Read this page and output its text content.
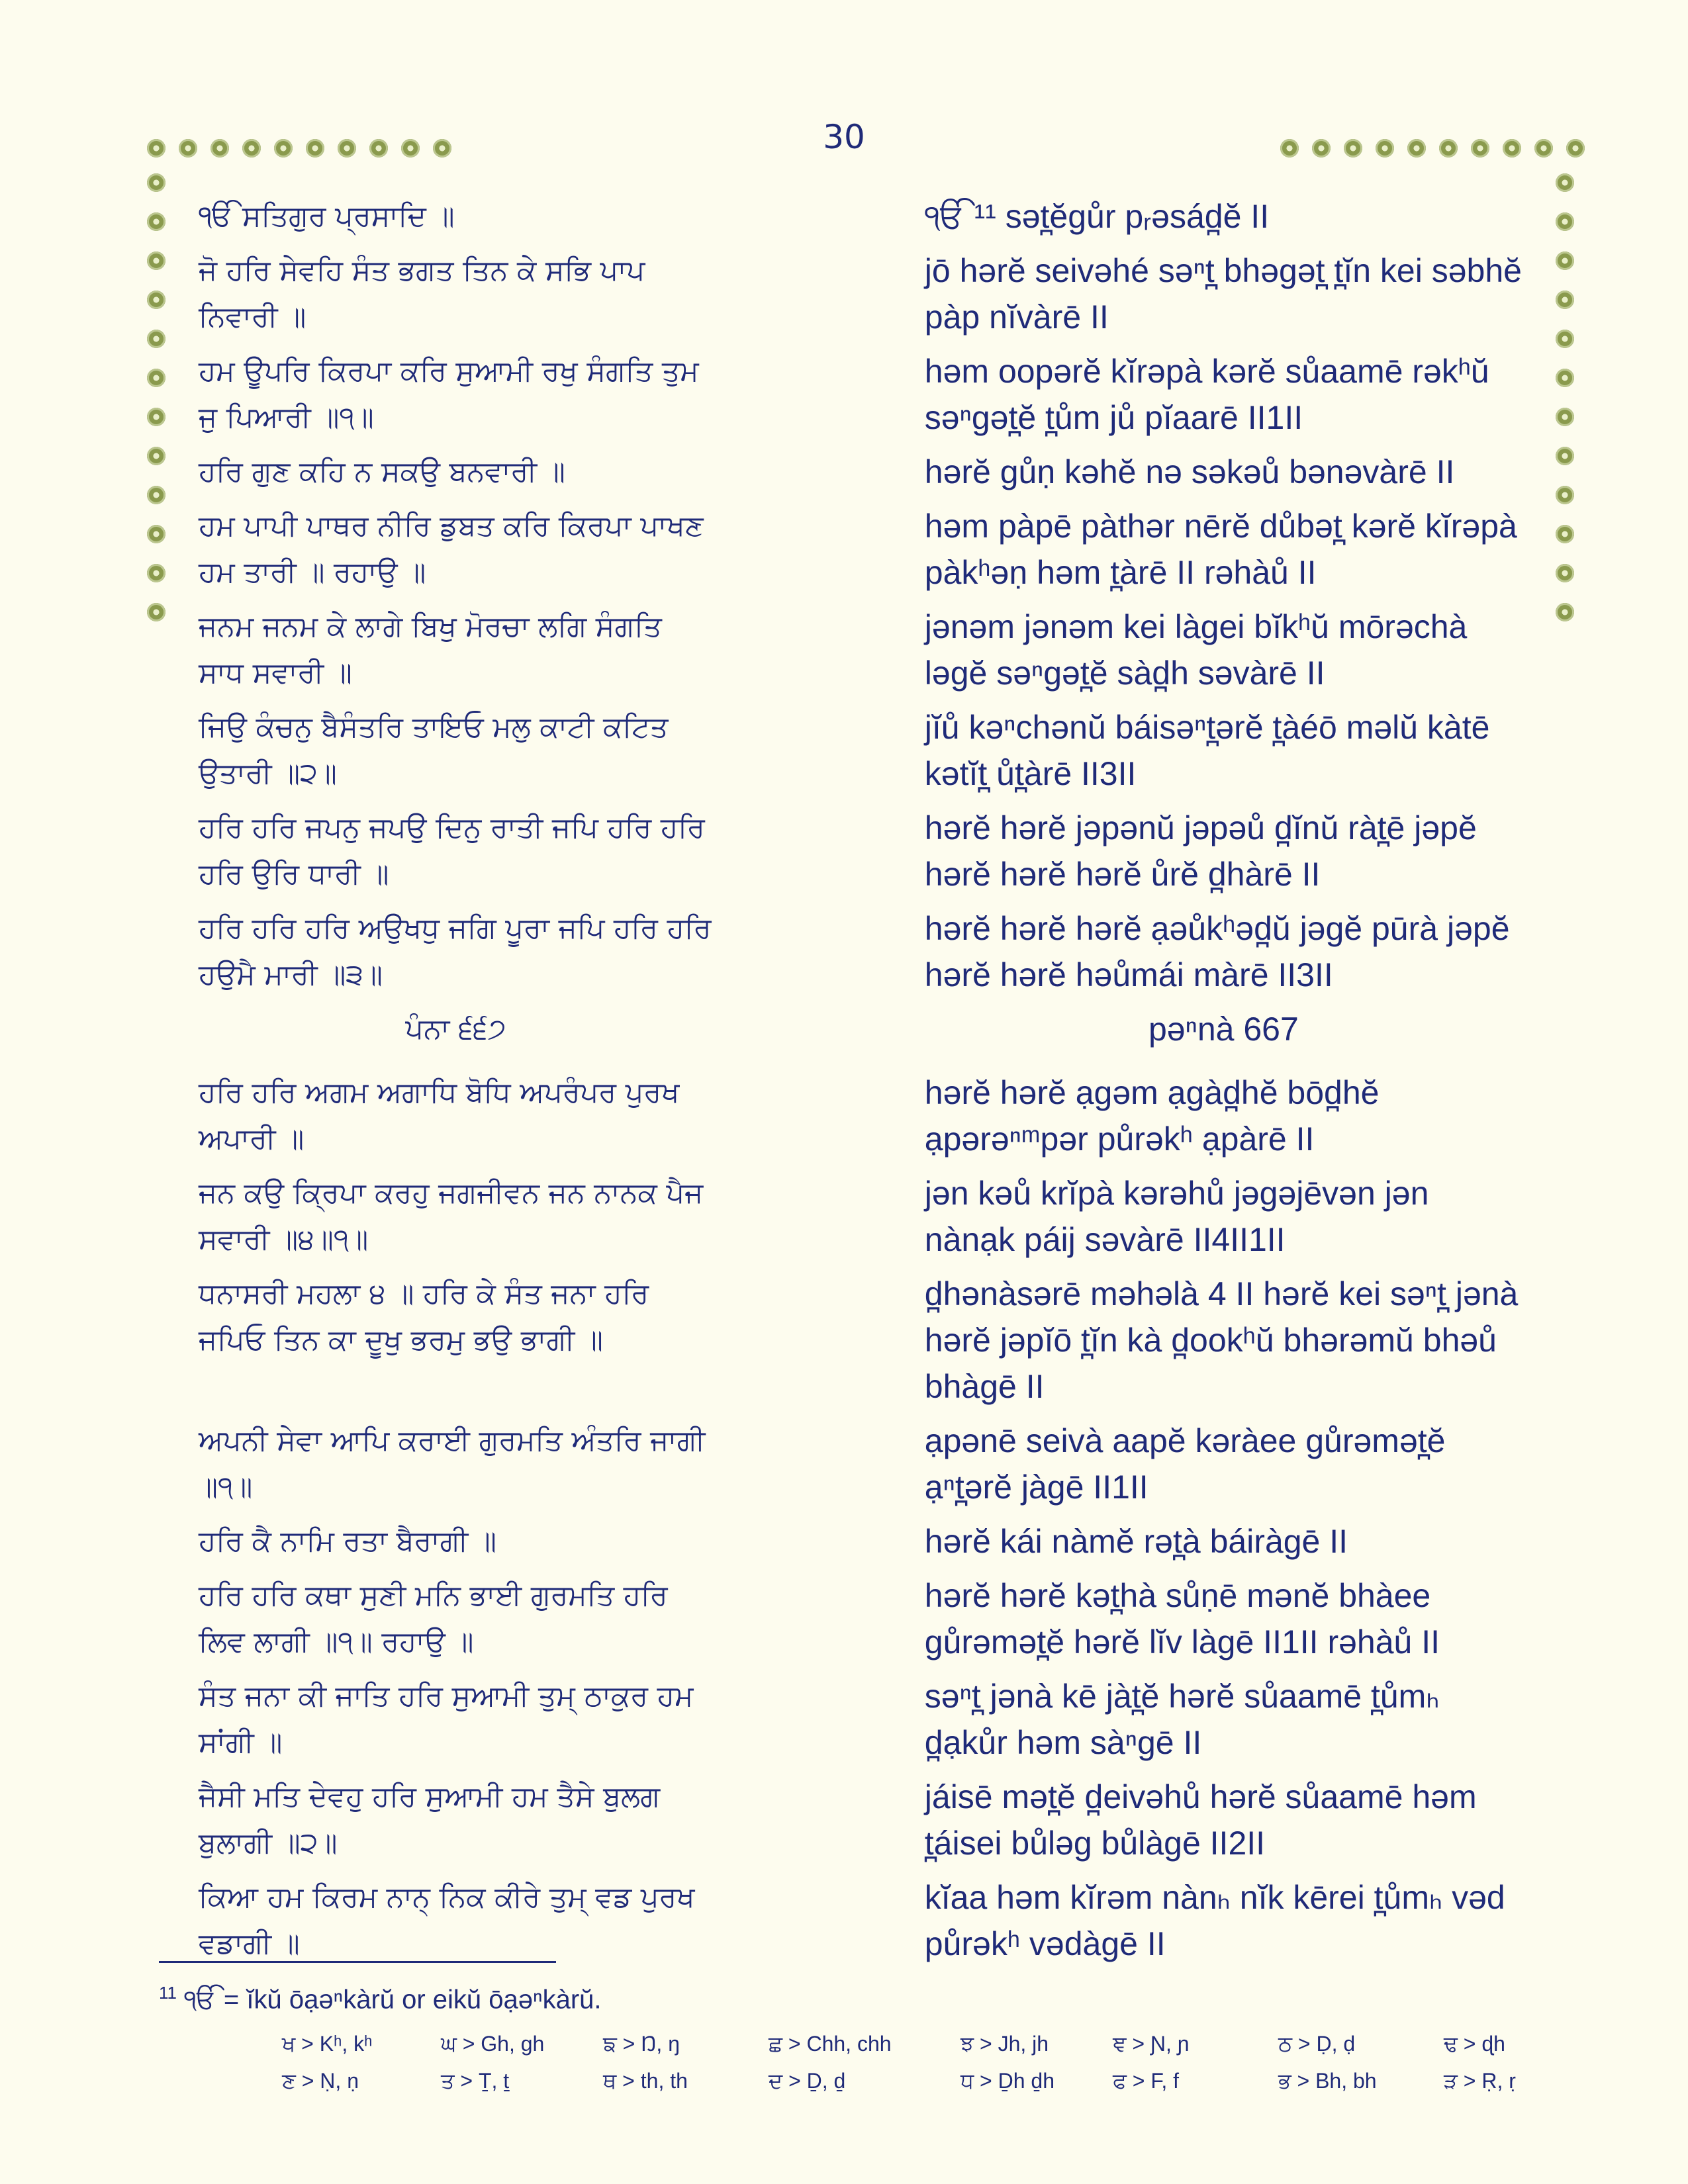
30
ੴ ਸਤਿਗੁਰ ਪ੍ਰਸਾਦਿ ॥	ੴ ¹¹ sət̪ĕgůr pᵣəsád̪ĕ II
ਜੋ ਹਰਿ ਸੇਵਹਿ ਸੰਤ ਭਗਤ ਤਿਨ ਕੇ ਸਭਿ ਪਾਪ ਨਿਵਾਰੀ ॥
jō hərĕ seivəhé səⁿt̪ bhəgət̪ t̪ĭn kei səbhĕ pàp nĭvàrē II
ਹਮ ਊਪਰਿ ਕਿਰਪਾ ਕਰਿ ਸੁਆਮੀ ਰਖੁ ਸੰਗਤਿ ਤੁਮ ਜੁ ਪਿਆਰੀ ॥੧॥
həm oopərĕ kĭrəpà kərĕ sůaamē rəkʰŭ səⁿgət̪ĕ t̪ům jů pĭaarē II1II
ਹਰਿ ਗੁਣ ਕਹਿ ਨ ਸਕਉ ਬਨਵਾਰੀ ॥	hərĕ gůṇ kəhĕ nə səkəů bənəvàrē II
ਹਮ ਪਾਪੀ ਪਾਥਰ ਨੀਰਿ ਡੁਬਤ ਕਰਿ ਕਿਰਪਾ ਪਾਖਣ ਹਮ ਤਾਰੀ ॥ ਰਹਾਉ ॥
həm pàpē pàthər nērĕ důbət̪ kərĕ kĭrəpà pàkʰəṇ həm t̪àrē II rəhàů II
ਜਨਮ ਜਨਮ ਕੇ ਲਾਗੇ ਬਿਖੁ ਮੋਰਚਾ ਲਗਿ ਸੰਗਤਿ ਸਾਧ ਸਵਾਰੀ ॥
jənəm jənəm kei làgei bĭkʰŭ mōrəchà ləgĕ səⁿgət̪ĕ sàd̪h səvàrē II
ਜਿਉ ਕੰਚਨੁ ਬੈਸੰਤਰਿ ਤਾਇਓ ਮਲੁ ਕਾਟੀ ਕਟਿਤ ਉਤਾਰੀ ॥੨॥
jĭů kəⁿchənŭ báisəⁿt̪ərĕ t̪àéō məlŭ kàtē kətĭt̪ ůt̪àrē II3II
ਹਰਿ ਹਰਿ ਜਪਨੁ ਜਪਉ ਦਿਨੁ ਰਾਤੀ ਜਪਿ ਹਰਿ ਹਰਿ ਹਰਿ ਉਰਿ ਧਾਰੀ ॥
hərĕ hərĕ jəpənŭ jəpəů d̪ĭnŭ ràt̪ē jəpĕ hərĕ hərĕ hərĕ ůrĕ d̪hàrē II
ਹਰਿ ਹਰਿ ਹਰਿ ਅਉਖਧੁ ਜਗਿ ਪੂਰਾ ਜਪਿ ਹਰਿ ਹਰਿ ਹਉਮੈ ਮਾਰੀ ॥੩॥
hərĕ hərĕ hərĕ ạəůkʰəd̪ŭ jəgĕ pūrà jəpĕ hərĕ hərĕ həůmái màrē II3II
ਪੰਨਾ ੬੬੭	pəⁿnà 667
ਹਰਿ ਹਰਿ ਅਗਮ ਅਗਾਧਿ ਬੋਧਿ ਅਪਰੰਪਰ ਪੁਰਖ ਅਪਾਰੀ ॥
hərĕ hərĕ ạgəm ạgàd̪hĕ bōd̪hĕ ạpərəⁿᵐpər půrəkʰ ạpàrē II
ਜਨ ਕਉ ਕ੍ਰਿਪਾ ਕਰਹੁ ਜਗਜੀਵਨ ਜਨ ਨਾਨਕ ਪੈਜ ਸਵਾਰੀ ॥੪॥੧॥
jən kəů krĭpà kərəhů jəgəjēvən jən nànạk páij səvàrē II4II1II
ਧਨਾਸਰੀ ਮਹਲਾ ੪ ॥ ਹਰਿ ਕੇ ਸੰਤ ਜਨਾ ਹਰਿ ਜਪਿਓ ਤਿਨ ਕਾ ਦੂਖੁ ਭਰਮੁ ਭਉ ਭਾਗੀ ॥
d̪hənàsərē məhəlà 4 II hərĕ kei səⁿt̪ jənà hərĕ jəpĭō t̪ĭn kà d̪ookʰŭ bhərəmŭ bhəů bhàgē II
ਅਪਨੀ ਸੇਵਾ ਆਪਿ ਕਰਾਈ ਗੁਰਮਤਿ ਅੰਤਰਿ ਜਾਗੀ ॥੧॥
ạpənē seivà aapĕ kəràee gůrəmət̪ĕ ạⁿt̪ərĕ jàgē II1II
ਹਰਿ ਕੈ ਨਾਮਿ ਰਤਾ ਬੈਰਾਗੀ ॥	hərĕ kái nàmĕ rət̪à báiràgē II
ਹਰਿ ਹਰਿ ਕਥਾ ਸੁਣੀ ਮਨਿ ਭਾਈ ਗੁਰਮਤਿ ਹਰਿ ਲਿਵ ਲਾਗੀ ॥੧॥ ਰਹਾਉ ॥
hərĕ hərĕ kət̪hà sůṇē mənĕ bhàee gůrəmət̪ĕ hərĕ lĭv làgē II1II rəhàů II
ਸੰਤ ਜਨਾ ਕੀ ਜਾਤਿ ਹਰਿ ਸੁਆਮੀ ਤੁਮ੍ ਠਾਕੁਰ ਹਮ ਸਾਂਗੀ ॥
səⁿt̪ jənà kē jàt̪ĕ hərĕ sůaamē t̪ůmₕ d̪ạkůr həm sàⁿgē II
ਜੈਸੀ ਮਤਿ ਦੇਵਹੁ ਹਰਿ ਸੁਆਮੀ ਹਮ ਤੈਸੇ ਬੁਲਗ ਬੁਲਾਗੀ ॥੨॥
jáisē mət̪ĕ d̪eivəhů hərĕ sůaamē həm t̪áisei bůləg bůlàgē II2II
ਕਿਆ ਹਮ ਕਿਰਮ ਨਾਨ੍ ਨਿਕ ਕੀਰੇ ਤੁਮ੍ ਵਡ ਪੁਰਖ ਵਡਾਗੀ ॥
kĭaa həm kĭrəm nànₕ nĭk kērei t̪ůmₕ vəd půrəkʰ vədàgē II
$^{11}$ ੴ = ĭkŭ ōạəⁿkàrŭ or eikŭ ōạəⁿkàrŭ.
ਖ > Kʰ, kʰ	ਘ > Gh, gh	ਙ > Ŋ, ŋ	ਛ > Chh, chh	ਝ > Jh, jh	ਞ > Ɲ, ɲ	ਠ > Ḍ, ḍ	ਢ > ɖh
ਣ > Ṇ, ṇ	ਤ > Ṯ, ṯ	ਥ > th, th	ਦ > Ḏ, ḏ	ਧ > Ḏh ḏh	ਫ > F, f	ਭ > Bh, bh	ੜ > Ṛ, ṛ
